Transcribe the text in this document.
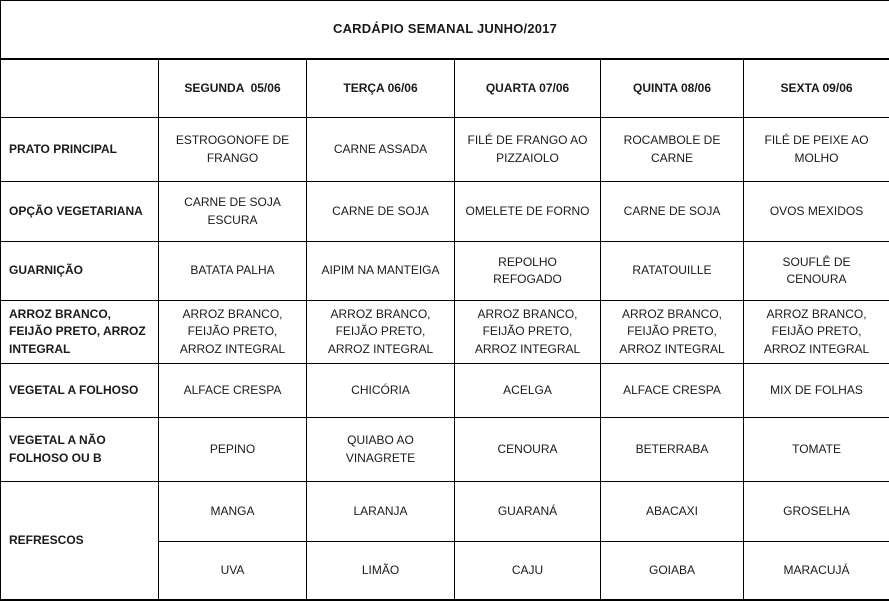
CARDÁPIO SEMANAL JUNHO/2017					
	SEGUNDA  05/06	TERÇA 06/06	QUARTA 07/06	QUINTA 08/06	SEXTA 09/06
PRATO PRINCIPAL	ESTROGONOFE DE FRANGO	CARNE ASSADA	FILÉ DE FRANGO AO PIZZAIOLO	ROCAMBOLE DE CARNE	FILÉ DE PEIXE AO MOLHO
OPÇÃO VEGETARIANA	CARNE DE SOJA ESCURA	CARNE DE SOJA	OMELETE DE FORNO	CARNE DE SOJA	OVOS MEXIDOS
GUARNIÇÃO	BATATA PALHA	AIPIM NA MANTEIGA	REPOLHO REFOGADO	RATATOUILLE	SOUFLÊ DE CENOURA
ARROZ BRANCO, FEIJÃO PRETO, ARROZ INTEGRAL	ARROZ BRANCO, FEIJÃO PRETO, ARROZ INTEGRAL	ARROZ BRANCO, FEIJÃO PRETO, ARROZ INTEGRAL	ARROZ BRANCO, FEIJÃO PRETO, ARROZ INTEGRAL	ARROZ BRANCO, FEIJÃO PRETO, ARROZ INTEGRAL	ARROZ BRANCO, FEIJÃO PRETO, ARROZ INTEGRAL
VEGETAL A FOLHOSO	ALFACE CRESPA	CHICÓRIA	ACELGA	ALFACE CRESPA	MIX DE FOLHAS
VEGETAL A NÃO FOLHOSO OU B	PEPINO	QUIABO AO VINAGRETE	CENOURA	BETERRABA	TOMATE
REFRESCOS	MANGA	LARANJA	GUARANÁ	ABACAXI	GROSELHA
	UVA	LIMÃO	CAJU	GOIABA	MARACUJÁ
